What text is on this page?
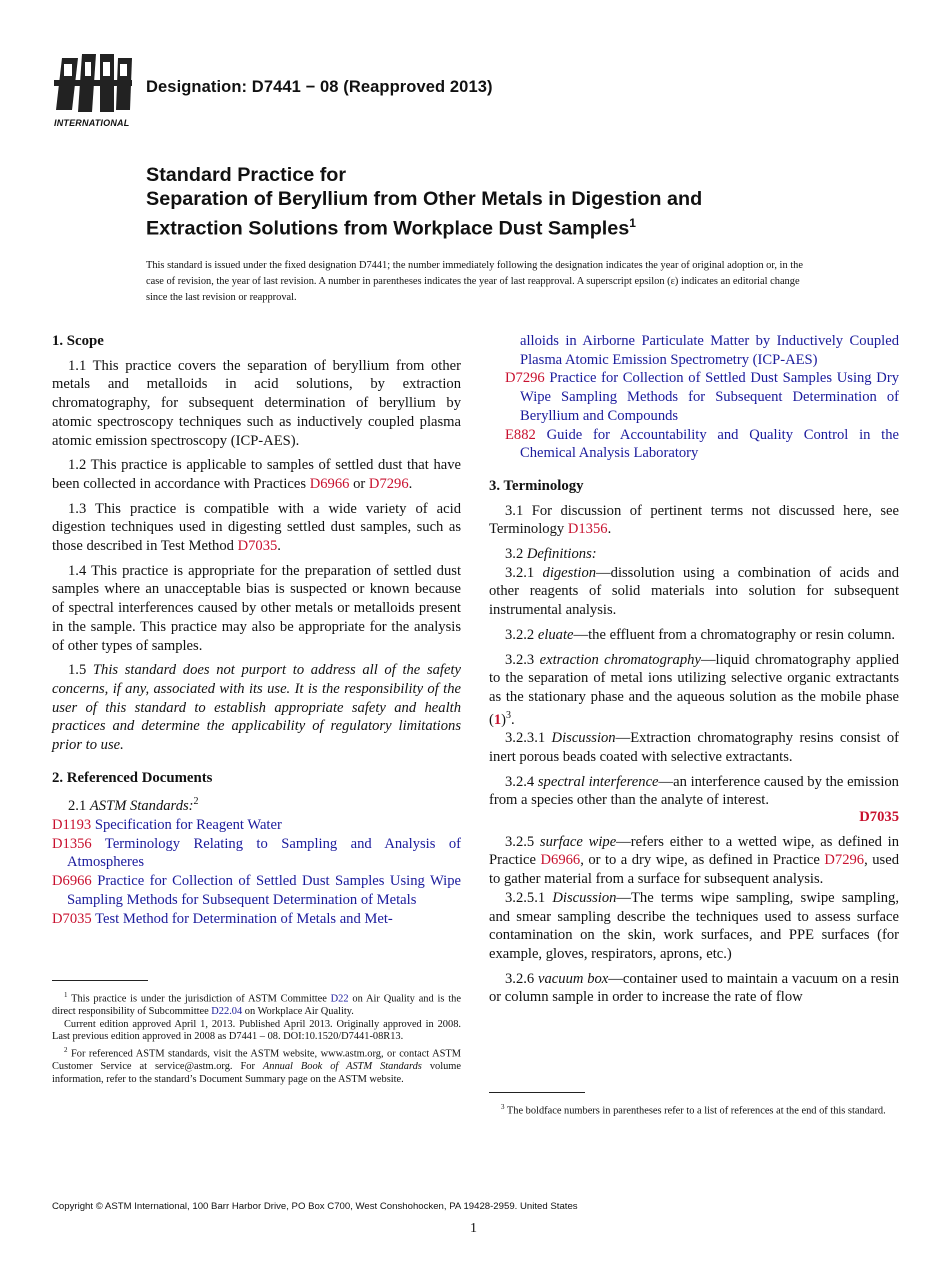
INTERNATIONAL
Designation: D7441 − 08 (Reapproved 2013)
Standard Practice for
Separation of Beryllium from Other Metals in Digestion and
Extraction Solutions from Workplace Dust Samples$^1$
This standard is issued under the fixed designation D7441; the number immediately following the designation indicates the year of original adoption or, in the case of revision, the year of last revision. A number in parentheses indicates the year of last reapproval. A superscript epsilon (ε) indicates an editorial change since the last revision or reapproval.
1. Scope
1.1 This practice covers the separation of beryllium from other metals and metalloids in acid solutions, by extraction chromatography, for subsequent determination of beryllium by atomic spectroscopy techniques such as inductively coupled plasma atomic emission spectroscopy (ICP-AES).
1.2 This practice is applicable to samples of settled dust that have been collected in accordance with Practices D6966 or D7296.
1.3 This practice is compatible with a wide variety of acid digestion techniques used in digesting settled dust samples, such as those described in Test Method D7035.
1.4 This practice is appropriate for the preparation of settled dust samples where an unacceptable bias is suspected or known because of spectral interferences caused by other metals or metalloids present in the sample. This practice may also be appropriate for the analysis of other types of samples.
1.5 This standard does not purport to address all of the safety concerns, if any, associated with its use. It is the responsibility of the user of this standard to establish appropriate safety and health practices and determine the applicability of regulatory limitations prior to use.
2. Referenced Documents
2.1 ASTM Standards:$^2$
D1193 Specification for Reagent Water
D1356 Terminology Relating to Sampling and Analysis of Atmospheres
D6966 Practice for Collection of Settled Dust Samples Using Wipe Sampling Methods for Subsequent Determination of Metals
D7035 Test Method for Determination of Metals and Met-
$^1$ This practice is under the jurisdiction of ASTM Committee D22 on Air Quality and is the direct responsibility of Subcommittee D22.04 on Workplace Air Quality.
Current edition approved April 1, 2013. Published April 2013. Originally approved in 2008. Last previous edition approved in 2008 as D7441 – 08. DOI:10.1520/D7441-08R13.
$^2$ For referenced ASTM standards, visit the ASTM website, www.astm.org, or contact ASTM Customer Service at service@astm.org. For Annual Book of ASTM Standards volume information, refer to the standard’s Document Summary page on the ASTM website.
alloids in Airborne Particulate Matter by Inductively Coupled Plasma Atomic Emission Spectrometry (ICP-AES)
D7296 Practice for Collection of Settled Dust Samples Using Dry Wipe Sampling Methods for Subsequent Determination of Beryllium and Compounds
E882 Guide for Accountability and Quality Control in the Chemical Analysis Laboratory
3. Terminology
3.1 For discussion of pertinent terms not discussed here, see Terminology D1356.
3.2 Definitions:
3.2.1 digestion—dissolution using a combination of acids and other reagents of solid materials into solution for subsequent instrumental analysis.
3.2.2 eluate—the effluent from a chromatography or resin column.
3.2.3 extraction chromatography—liquid chromatography applied to the separation of metal ions utilizing selective organic extractants as the stationary phase and the aqueous solution as the mobile phase $(1)^3$.
3.2.3.1 Discussion—Extraction chromatography resins consist of inert porous beads coated with selective extractants.
3.2.4 spectral interference—an interference caused by the emission from a species other than the analyte of interest.
D7035
3.2.5 surface wipe—refers either to a wetted wipe, as defined in Practice D6966, or to a dry wipe, as defined in Practice D7296, used to gather material from a surface for subsequent analysis.
3.2.5.1 Discussion—The terms wipe sampling, swipe sampling, and smear sampling describe the techniques used to assess surface contamination on the skin, work surfaces, and PPE surfaces (for example, gloves, respirators, aprons, etc.)
3.2.6 vacuum box—container used to maintain a vacuum on a resin or column sample in order to increase the rate of flow
$^3$ The boldface numbers in parentheses refer to a list of references at the end of this standard.
Copyright © ASTM International, 100 Barr Harbor Drive, PO Box C700, West Conshohocken, PA 19428-2959. United States
1
